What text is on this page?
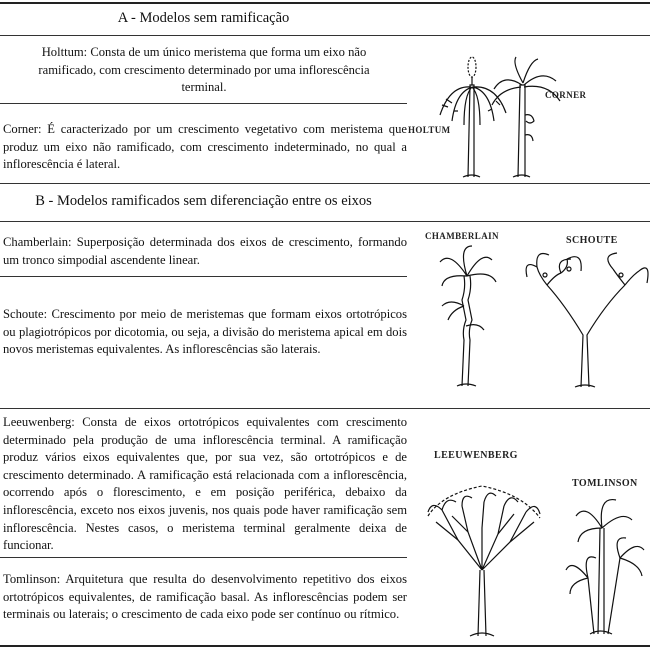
A - Modelos sem ramificação
B - Modelos ramificados sem diferenciação entre os eixos
Holttum: Consta de um único meristema que forma um eixo não ramificado, com crescimento determinado por uma inflorescência terminal.
Corner: É caracterizado por um crescimento vegetativo com meristema que produz um eixo não ramificado, com crescimento indeterminado, no qual a inflorescência é lateral.
Chamberlain: Superposição determinada dos eixos de crescimento, formando um tronco simpodial ascendente linear.
Schoute: Crescimento por meio de meristemas que formam eixos ortotrópicos ou plagiotrópicos por dicotomia, ou seja, a divisão do meristema apical em dois novos meristemas equivalentes. As inflorescências são laterais.
Leeuwenberg: Consta de eixos ortotrópicos equivalentes com crescimento determinado pela produção de uma inflorescência terminal. A ramificação produz vários eixos equivalentes que, por sua vez, são ortotrópicos e de crescimento determinado. A ramificação está relacionada com a inflorescência, ocorrendo após o florescimento, e em posição periférica, debaixo da inflorescência, exceto nos eixos juvenis, nos quais pode haver ramificação sem inflorescência. Nestes casos, o meristema terminal geralmente deixa de funcionar.
Tomlinson: Arquitetura que resulta do desenvolvimento repetitivo dos eixos ortotrópicos equivalentes, de ramificação basal. As inflorescências podem ser terminais ou laterais; o crescimento de cada eixo pode ser contínuo ou rítmico.
CORNER
HOLTUM
CHAMBERLAIN	SCHOUTE
LEEUWENBERG
TOMLINSON
